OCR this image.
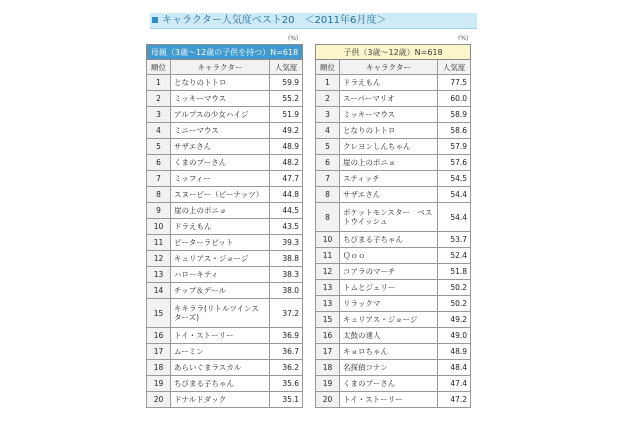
キャラクター人気度ベスト20　＜2011年6月度＞
(%)	(%)
母親（3歳〜12歳の子供を持つ）N=618		
順位	キャラクター	人気度
1	となりのトトロ	59.9
2	ミッキーマウス	55.2
3	アルプスの少女ハイジ	51.9
4	ミニーマウス	49.2
5	サザエさん	48.9
6	くまのプーさん	48.2
7	ミッフィー	47.7
8	スヌーピー（ピーナッツ）	44.8
9	崖の上のポニョ	44.5
10	ドラえもん	43.5
11	ピーターラビット	39.3
12	キュリアス・ジョージ	38.8
13	ハローキティ	38.3
14	チップ＆デール	38.0
15	キキララ(リトルツインスターズ)	37.2
16	トイ・ストーリー	36.9
17	ムーミン	36.7
18	あらいぐまラスカル	36.2
19	ちびまる子ちゃん	35.6
20	ドナルドダック	35.1
子供（3歳〜12歳）N=618		
順位	キャラクター	人気度
1	ドラえもん	77.5
2	スーパーマリオ	60.0
3	ミッキーマウス	58.9
4	となりのトトロ	58.6
5	クレヨンしんちゃん	57.9
6	崖の上のポニョ	57.6
7	スティッチ	54.5
8	サザエさん	54.4
8	ポケットモンスター　ベストウイッシュ	54.4
10	ちびまる子ちゃん	53.7
11	Ｑｏｏ	52.4
12	コアラのマーチ	51.8
13	トムとジェリー	50.2
13	リラックマ	50.2
15	キュリアス・ジョージ	49.2
16	太鼓の達人	49.0
17	キョロちゃん	48.9
18	名探偵コナン	48.4
19	くまのプーさん	47.4
20	トイ・ストーリー	47.2
